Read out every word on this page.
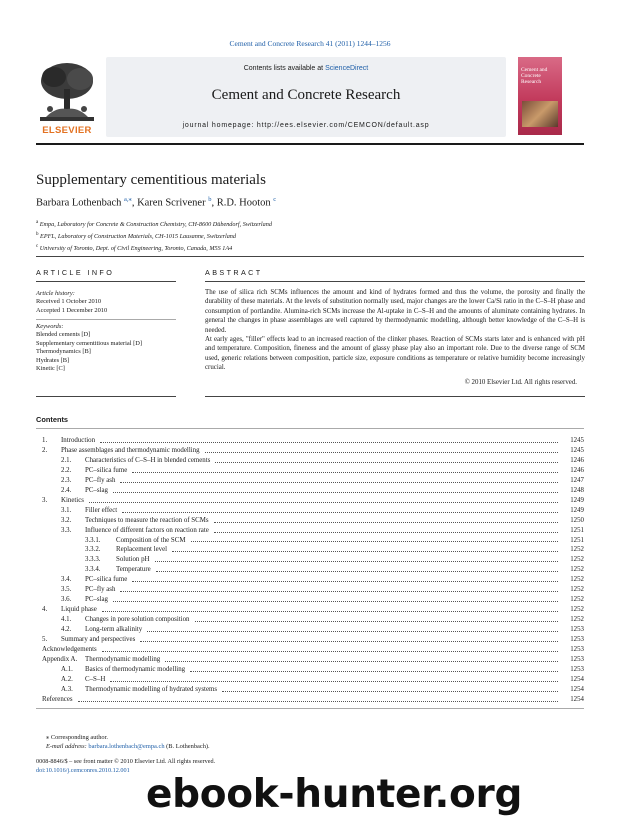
Cement and Concrete Research 41 (2011) 1244–1256
ELSEVIER
Contents lists available at ScienceDirect
Cement and Concrete Research
journal homepage: http://ees.elsevier.com/CEMCON/default.asp
Cement and Concrete Research
Supplementary cementitious materials
Barbara Lothenbach $^{a,⁎}$, Karen Scrivener $^b$, R.D. Hooton $^c$
$^a$ Empa, Laboratory for Concrete & Construction Chemistry, CH-8600 Dübendorf, Switzerland
$^b$ EPFL, Laboratory of Construction Materials, CH-1015 Lausanne, Switzerland
$^c$ University of Toronto, Dept. of Civil Engineering, Toronto, Canada, M5S 1A4
ARTICLE INFO
Article history:
Received 1 October 2010
Accepted 1 December 2010
Keywords:
Blended cements [D]
Supplementary cementitious material [D]
Thermodynamics [B]
Hydrates [B]
Kinetic [C]
ABSTRACT

The use of silica rich SCMs influences the amount and kind of hydrates formed and thus the volume, the porosity and finally the durability of these materials. At the levels of substitution normally used, major changes are the lower Ca/Si ratio in the C–S–H phase and consumption of portlandite. Alumina-rich SCMs increase the Al-uptake in C–S–H and the amounts of aluminate containing hydrates. In general the changes in phase assemblages are well captured by thermodynamic modelling, although better knowledge of the C–S–H is needed.

At early ages, "filler" effects lead to an increased reaction of the clinker phases. Reaction of SCMs starts later and is enhanced with pH and temperature. Composition, fineness and the amount of glassy phase play also an important role. Due to the diverse range of SCM used, generic relations between composition, particle size, exposure conditions as temperature or relative humidity become increasingly crucial.

© 2010 Elsevier Ltd. All rights reserved.
Contents
1. Introduction	1245
2. Phase assemblages and thermodynamic modelling	1245
2.1. Characteristics of C–S–H in blended cements	1246
2.2. PC–silica fume	1246
2.3. PC–fly ash	1247
2.4. PC–slag	1248
3. Kinetics	1249
3.1. Filler effect	1249
3.2. Techniques to measure the reaction of SCMs	1250
3.3. Influence of different factors on reaction rate	1251
3.3.1. Composition of the SCM	1251
3.3.2. Replacement level	1252
3.3.3. Solution pH	1252
3.3.4. Temperature	1252
3.4. PC–silica fume	1252
3.5. PC–fly ash	1252
3.6. PC–slag	1252
4. Liquid phase	1252
4.1. Changes in pore solution composition	1252
4.2. Long-term alkalinity	1253
5. Summary and perspectives	1253
Acknowledgements	1253
Appendix A. Thermodynamic modelling	1253
A.1. Basics of thermodynamic modelling	1253
A.2. C–S–H	1254
A.3. Thermodynamic modelling of hydrated systems	1254
References	1254
⁎ Corresponding author.
E-mail address: barbara.lothenbach@empa.ch (B. Lothenbach).
0008-8846/$ – see front matter © 2010 Elsevier Ltd. All rights reserved.
doi:10.1016/j.cemconres.2010.12.001
ebook-hunter.org
